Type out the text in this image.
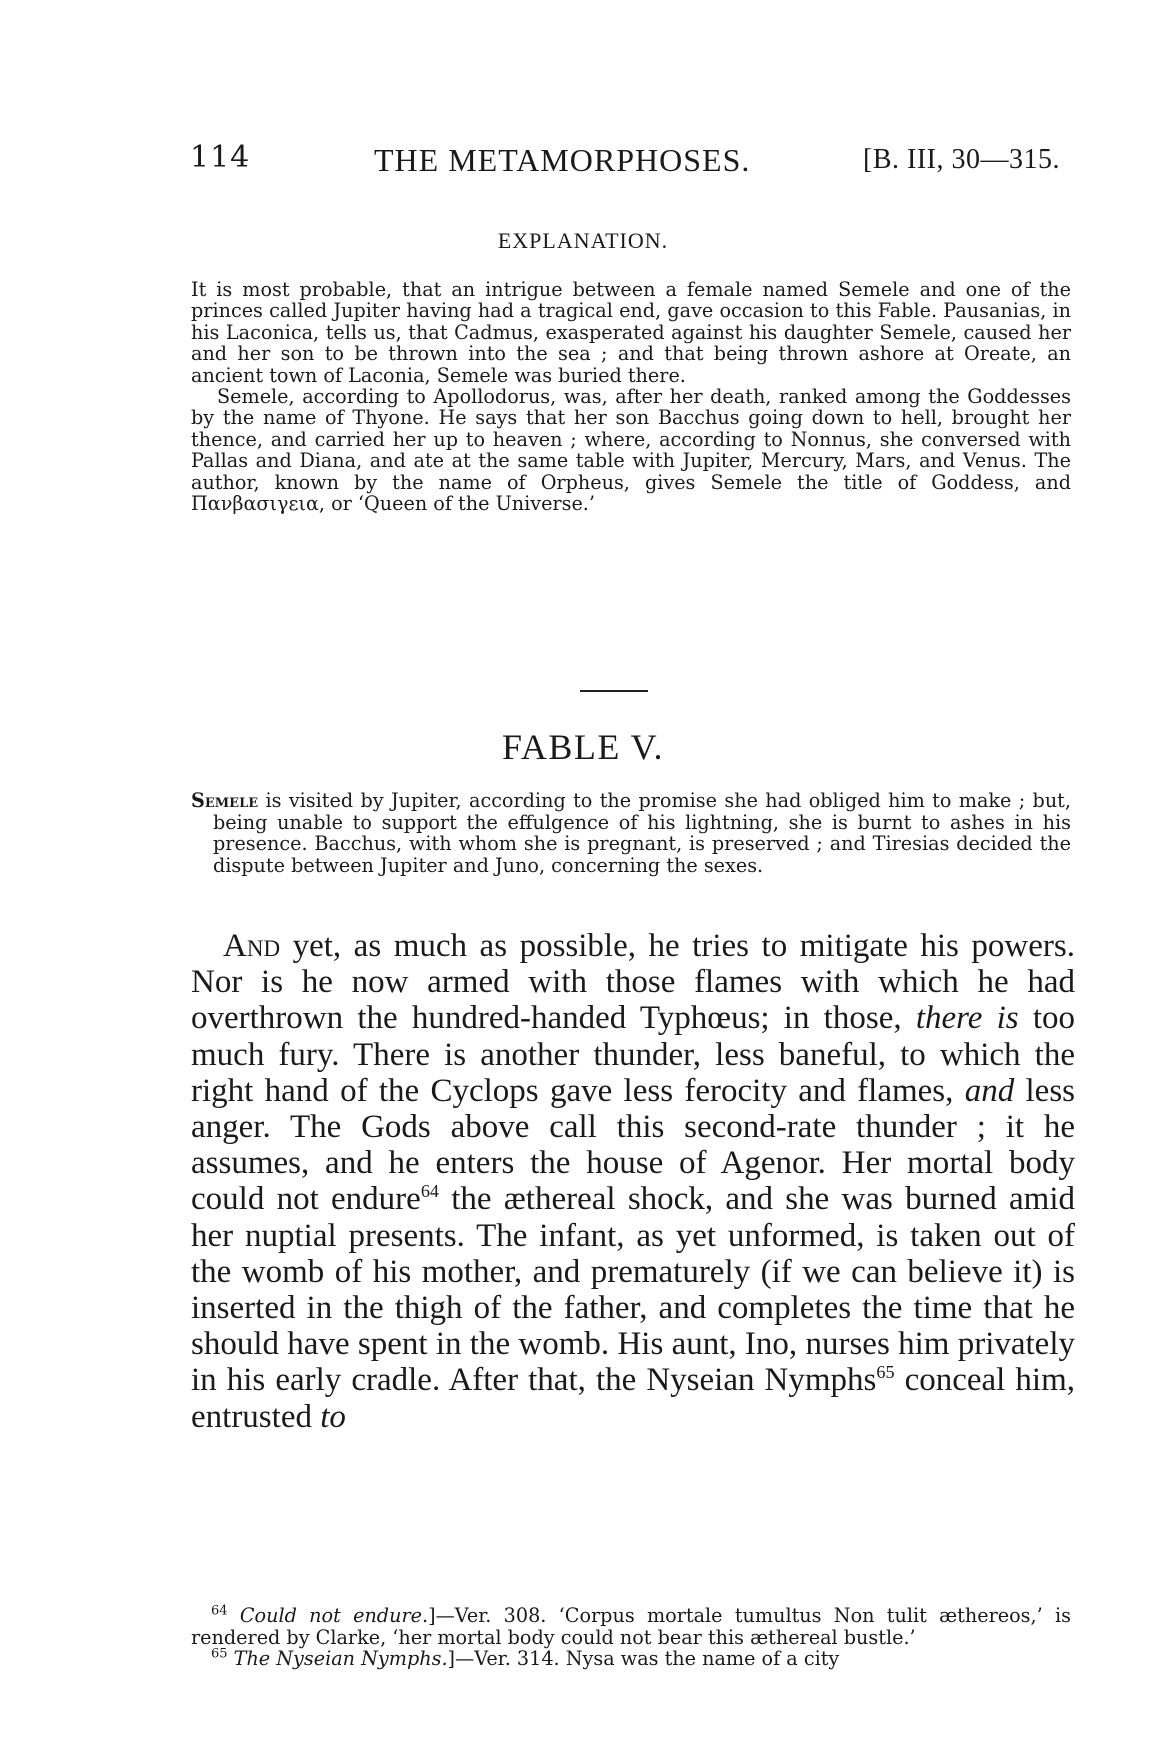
114	THE METAMORPHOSES.	[B. III, 30—315.
EXPLANATION.

It is most probable, that an intrigue between a female named Semele and one of the princes called Jupiter having had a tragical end, gave occasion to this Fable. Pausanias, in his Laconica, tells us, that Cadmus, exasperated against his daughter Semele, caused her and her son to be thrown into the sea ; and that being thrown ashore at Oreate, an ancient town of Laconia, Semele was buried there.

Semele, according to Apollodorus, was, after her death, ranked among the Goddesses by the name of Thyone. He says that her son Bacchus going down to hell, brought her thence, and carried her up to heaven ; where, according to Nonnus, she conversed with Pallas and Diana, and ate at the same table with Jupiter, Mercury, Mars, and Venus. The author, known by the name of Orpheus, gives Semele the title of Goddess, and Πανβασιγεια, or ‘Queen of the Universe.’

FABLE V.
Semele is visited by Jupiter, according to the promise she had obliged him to make ; but, being unable to support the effulgence of his lightning, she is burnt to ashes in his presence. Bacchus, with whom she is pregnant, is preserved ; and Tiresias decided the dispute between Jupiter and Juno, concerning the sexes.
And yet, as much as possible, he tries to mitigate his powers. Nor is he now armed with those flames with which he had overthrown the hundred-handed Typhœus; in those, there is too much fury. There is another thunder, less baneful, to which the right hand of the Cyclops gave less ferocity and flames, and less anger. The Gods above call this second-rate thunder ; it he assumes, and he enters the house of Agenor. Her mortal body could not endure$^{64}$ the æthereal shock, and she was burned amid her nuptial presents. The infant, as yet unformed, is taken out of the womb of his mother, and prematurely (if we can believe it) is inserted in the thigh of the father, and completes the time that he should have spent in the womb. His aunt, Ino, nurses him privately in his early cradle. After that, the Nyseian Nymphs$^{65}$ conceal him, entrusted to

$^{64}$ Could not endure.]—Ver. 308. ‘Corpus mortale tumultus Non tulit æthereos,’ is rendered by Clarke, ‘her mortal body could not bear this æthereal bustle.’

$^{65}$ The Nyseian Nymphs.]—Ver. 314. Nysa was the name of a city
